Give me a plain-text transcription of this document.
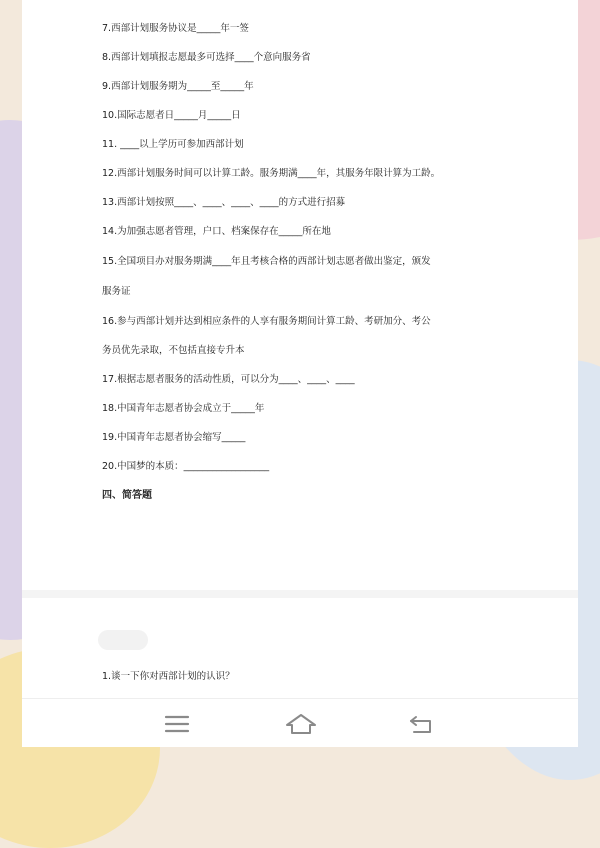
7.西部计划服务协议是_____年一签
8.西部计划填报志愿最多可选择____个意向服务省
9.西部计划服务期为_____至_____年
10.国际志愿者日_____月_____日
11. ____以上学历可参加西部计划
12.西部计划服务时间可以计算工龄。服务期满____年，其服务年限计算为工龄。
13.西部计划按照____、____、____、____的方式进行招募
14.为加强志愿者管理，户口、档案保存在_____所在地
15.全国项目办对服务期满____年且考核合格的西部计划志愿者做出鉴定，颁发
服务证
16.参与西部计划并达到相应条件的人享有服务期间计算工龄、考研加分、考公
务员优先录取，不包括直接专升本
17.根据志愿者服务的活动性质，可以分为____、____、____
18.中国青年志愿者协会成立于_____年
19.中国青年志愿者协会缩写_____
20.中国梦的本质：__________________
四、简答题
1.谈一下你对西部计划的认识？
